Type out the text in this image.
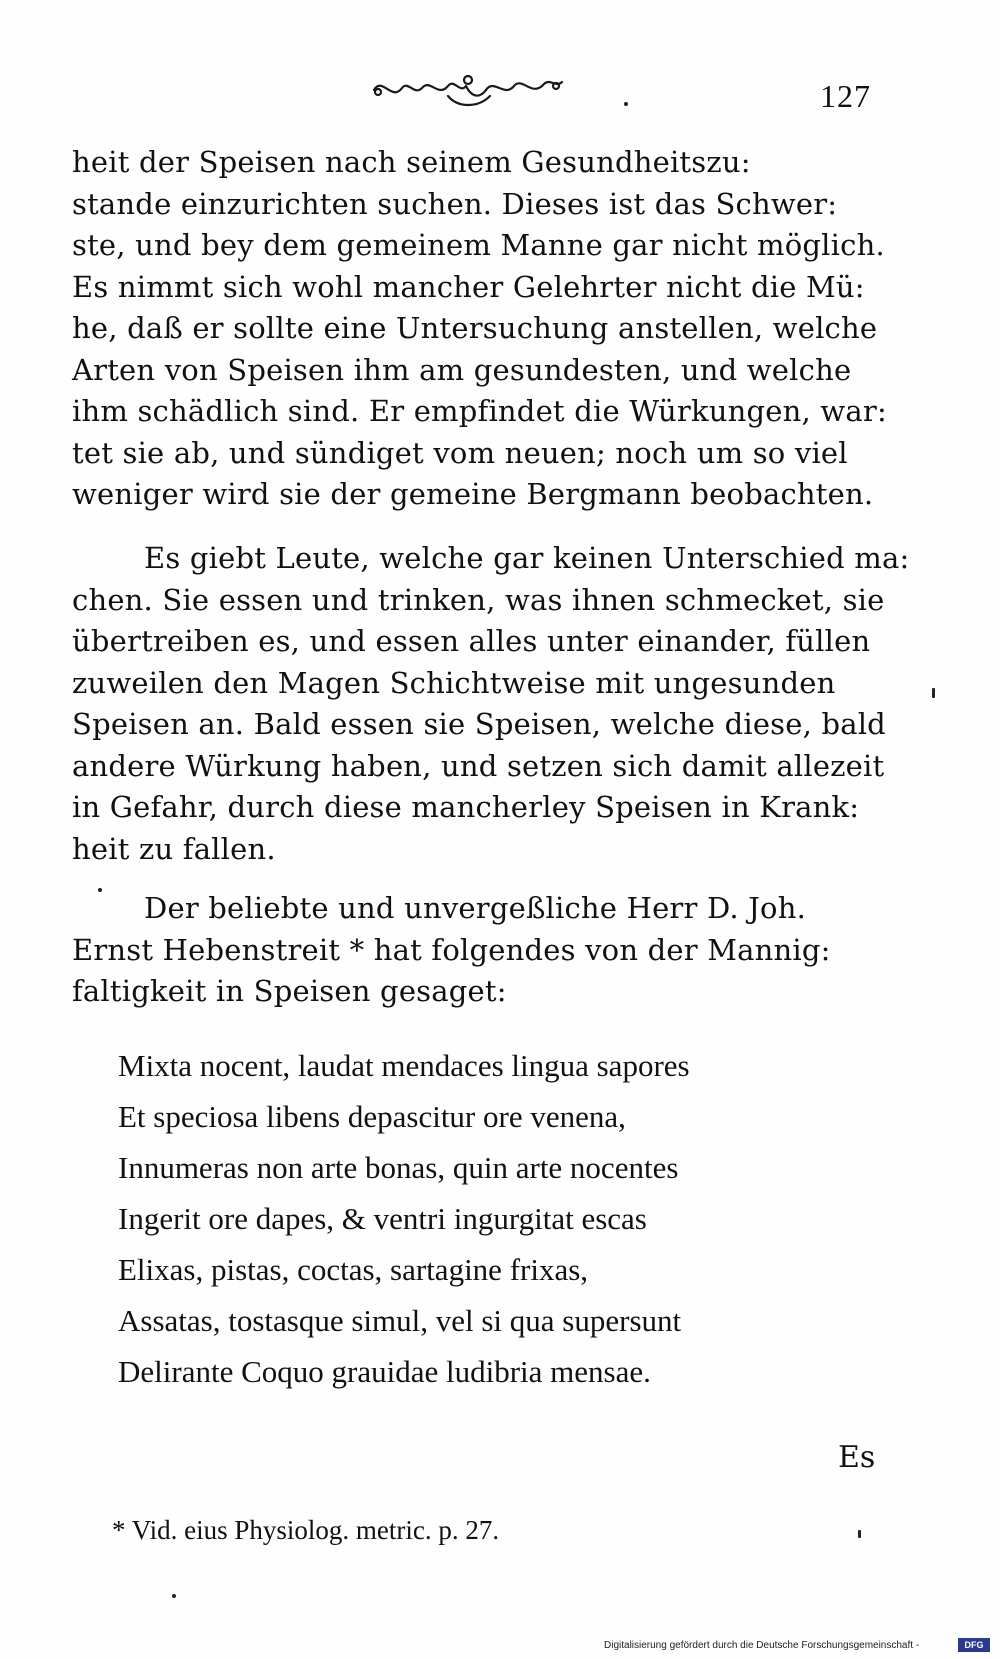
127
heit der Speisen nach seinem Gesundheitszu:
stande einzurichten suchen. Dieses ist das Schwer:
ste, und bey dem gemeinem Manne gar nicht möglich.
Es nimmt sich wohl mancher Gelehrter nicht die Mü:
he, daß er sollte eine Untersuchung anstellen, welche
Arten von Speisen ihm am gesundesten, und welche
ihm schädlich sind. Er empfindet die Würkungen, war:
tet sie ab, und sündiget vom neuen; noch um so viel
weniger wird sie der gemeine Bergmann beobachten.
Es giebt Leute, welche gar keinen Unterschied ma:
chen. Sie essen und trinken, was ihnen schmecket, sie
übertreiben es, und essen alles unter einander, füllen
zuweilen den Magen Schichtweise mit ungesunden
Speisen an. Bald essen sie Speisen, welche diese, bald
andere Würkung haben, und setzen sich damit allezeit
in Gefahr, durch diese mancherley Speisen in Krank:
heit zu fallen.
Der beliebte und unvergeßliche Herr D. Joh.
Ernst Hebenstreit * hat folgendes von der Mannig:
faltigkeit in Speisen gesaget:
Mixta nocent, laudat mendaces lingua sapores
Et speciosa libens depascitur ore venena,
Innumeras non arte bonas, quin arte nocentes
Ingerit ore dapes, & ventri ingurgitat escas
Elixas, pistas, coctas, sartagine frixas,
Assatas, tostasque simul, vel si qua supersunt
Delirante Coquo grauidae ludibria mensae.
Es
* Vid. eius Physiolog. metric. p. 27.
Digitalisierung gefördert durch die Deutsche Forschungsgemeinschaft -	DFG
